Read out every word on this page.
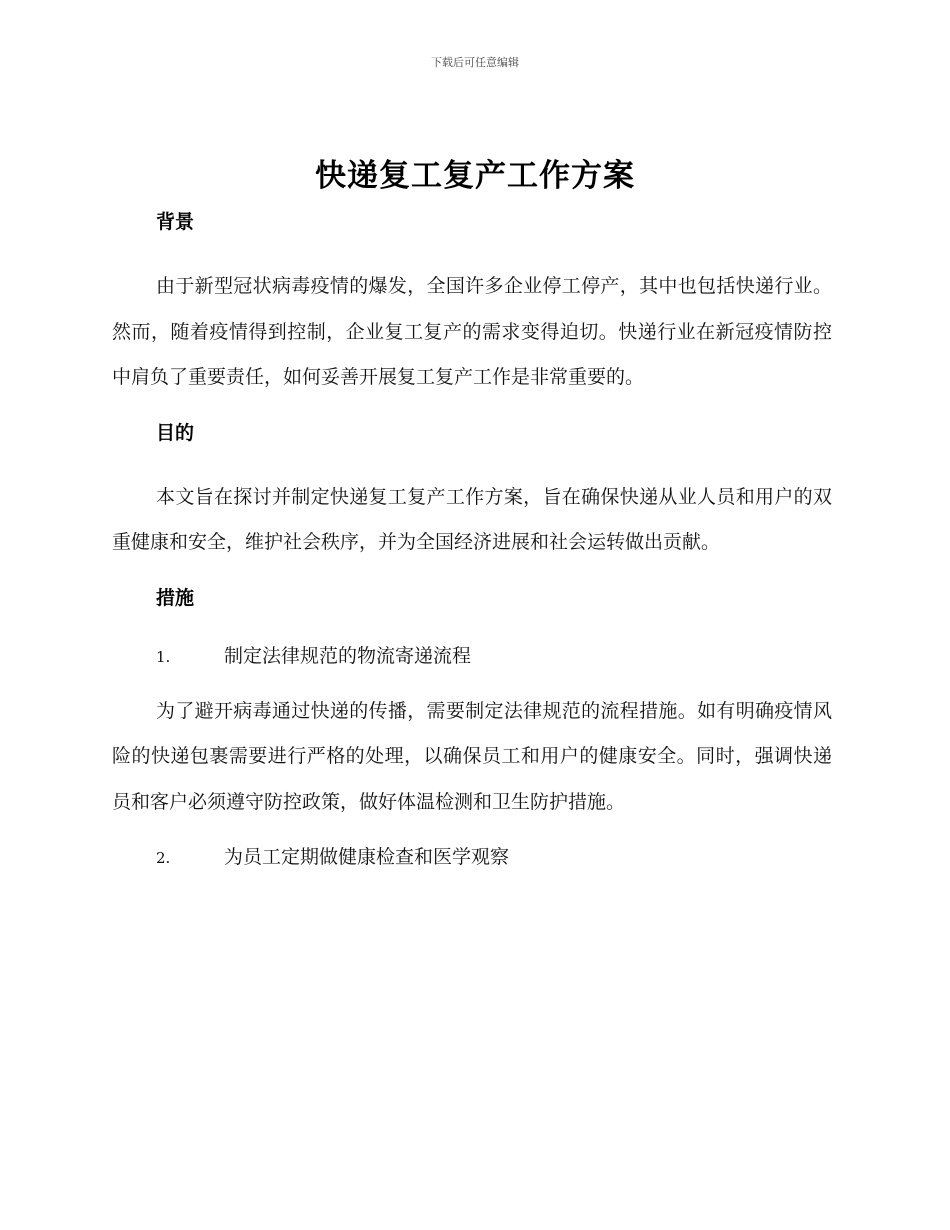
下载后可任意编辑
快递复工复产工作方案
背景

由于新型冠状病毒疫情的爆发，全国许多企业停工停产，其中也包括快递行业。然而，随着疫情得到控制，企业复工复产的需求变得迫切。快递行业在新冠疫情防控中肩负了重要责任，如何妥善开展复工复产工作是非常重要的。

目的

本文旨在探讨并制定快递复工复产工作方案，旨在确保快递从业人员和用户的双重健康和安全，维护社会秩序，并为全国经济进展和社会运转做出贡献。

措施
1.	制定法律规范的物流寄递流程

为了避开病毒通过快递的传播，需要制定法律规范的流程措施。如有明确疫情风险的快递包裹需要进行严格的处理，以确保员工和用户的健康安全。同时，强调快递员和客户必须遵守防控政策，做好体温检测和卫生防护措施。

2.	为员工定期做健康检查和医学观察
